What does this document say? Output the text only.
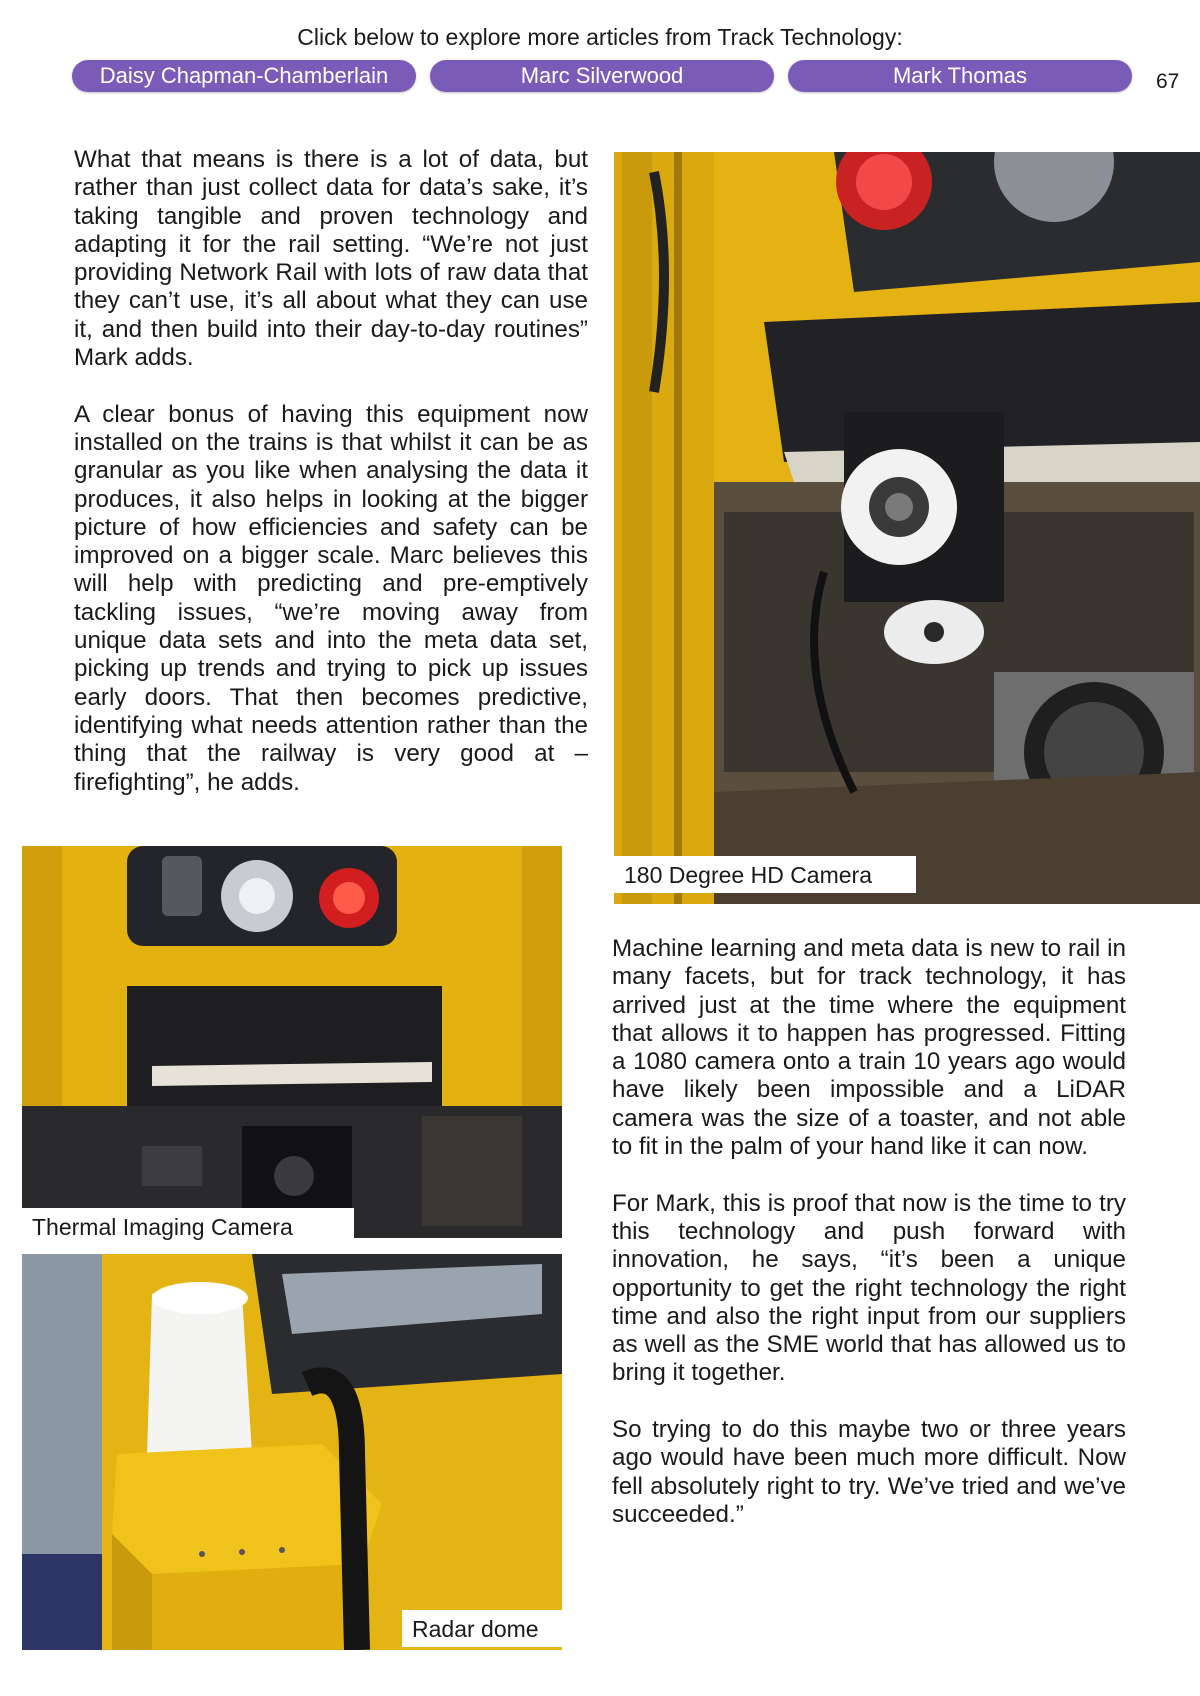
Click below to explore more articles from Track Technology:
Daisy Chapman-Chamberlain	Marc Silverwood	Mark Thomas	67

What that means is there is a lot of data, but rather than just collect data for data’s sake, it’s taking tangible and proven technology and adapting it for the rail setting. “We’re not just providing Network Rail with lots of raw data that they can’t use, it’s all about what they can use it, and then build into their day-to-day routines” Mark adds.

A clear bonus of having this equipment now installed on the trains is that whilst it can be as granular as you like when analysing the data it produces, it also helps in looking at the bigger picture of how efficiencies and safety can be improved on a bigger scale. Marc believes this will help with predicting and pre-emptively tackling issues, “we’re moving away from unique data sets and into the meta data set, picking up trends and trying to pick up issues early doors. That then becomes predictive, identifying what needs attention rather than the thing that the railway is very good at – firefighting”, he adds.

180 Degree HD Camera
Thermal Imaging Camera
Radar dome

Machine learning and meta data is new to rail in many facets, but for track technology, it has arrived just at the time where the equipment that allows it to happen has progressed. Fitting a 1080 camera onto a train 10 years ago would have likely been impossible and a LiDAR camera was the size of a toaster, and not able to fit in the palm of your hand like it can now.

For Mark, this is proof that now is the time to try this technology and push forward with innovation, he says, “it’s been a unique opportunity to get the right technology the right time and also the right input from our suppliers as well as the SME world that has allowed us to bring it together.

So trying to do this maybe two or three years ago would have been much more difficult. Now fell absolutely right to try. We’ve tried and we’ve succeeded.”
